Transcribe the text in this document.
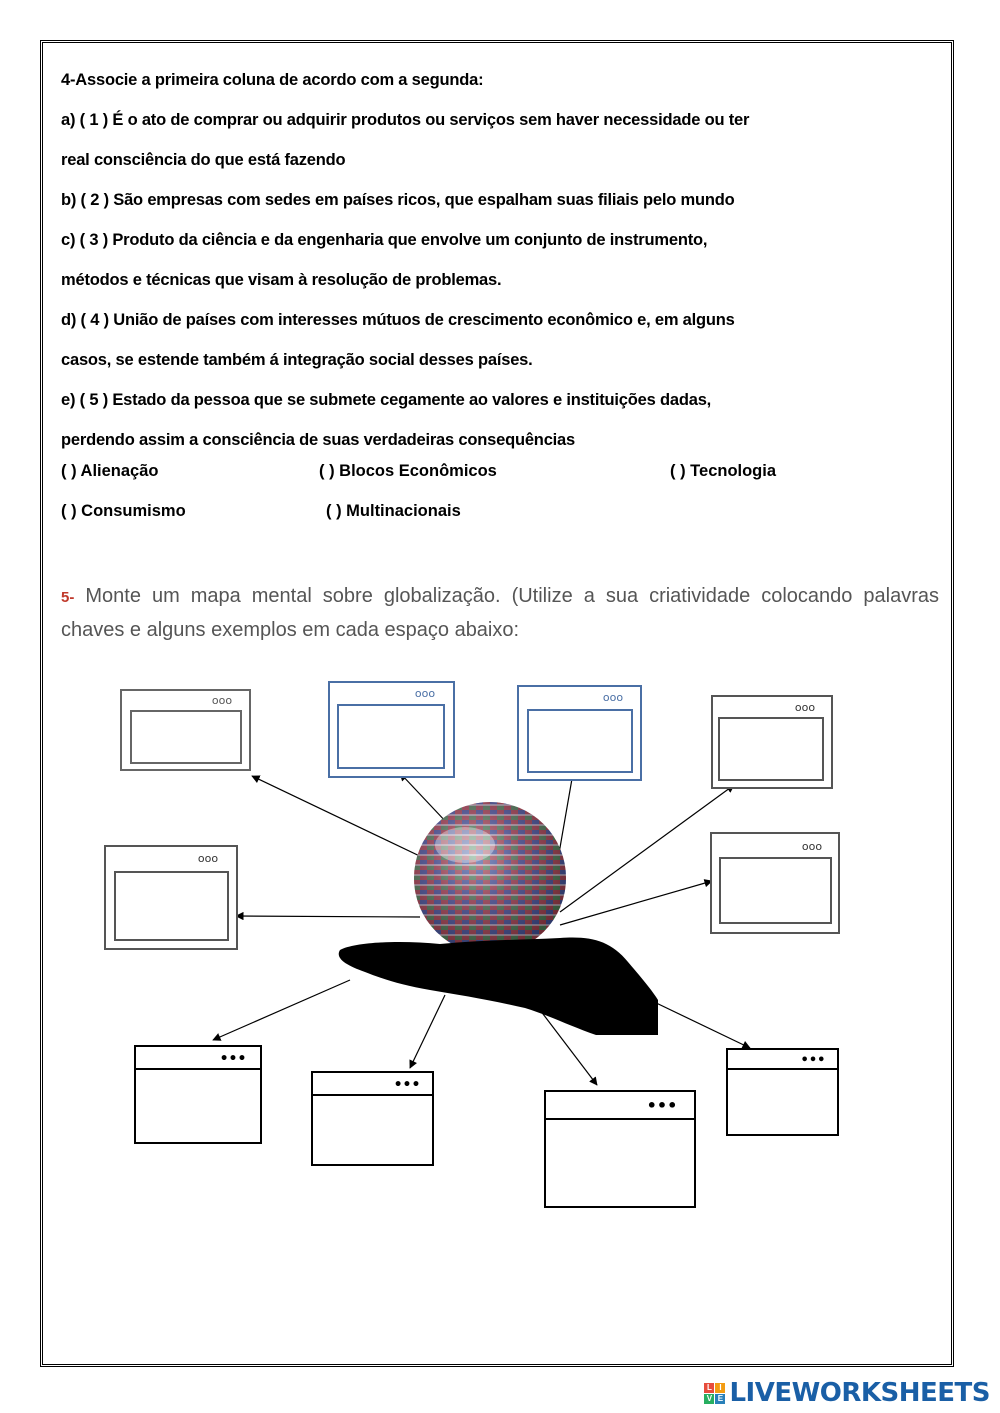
4-Associe a primeira coluna de acordo com a segunda:
a) ( 1 ) É o ato de comprar ou adquirir produtos ou serviços sem haver necessidade ou ter
real consciência do que está fazendo
b) ( 2 ) São empresas com sedes em países ricos, que espalham suas filiais pelo mundo
c) ( 3 ) Produto da ciência e da engenharia que envolve um conjunto de instrumento,
métodos e técnicas que visam à resolução de problemas.
d) ( 4 ) União de países com interesses mútuos de crescimento econômico e, em alguns
casos, se estende também á integração social desses países.
e) ( 5 ) Estado da pessoa que se submete cegamente ao valores e instituições dadas,
perdendo assim a consciência de suas verdadeiras consequências
( ) Alienação	( ) Blocos Econômicos	( ) Tecnologia
( ) Consumismo	( ) Multinacionais
5- Monte um mapa mental sobre globalização. (Utilize a sua criatividade colocando palavras chaves e alguns exemplos em cada espaço abaixo:
ooo
ooo	ooo
ooo
ooo
ooo
•••
•••
•••
•••
L I
V E LIVEWORKSHEETS
